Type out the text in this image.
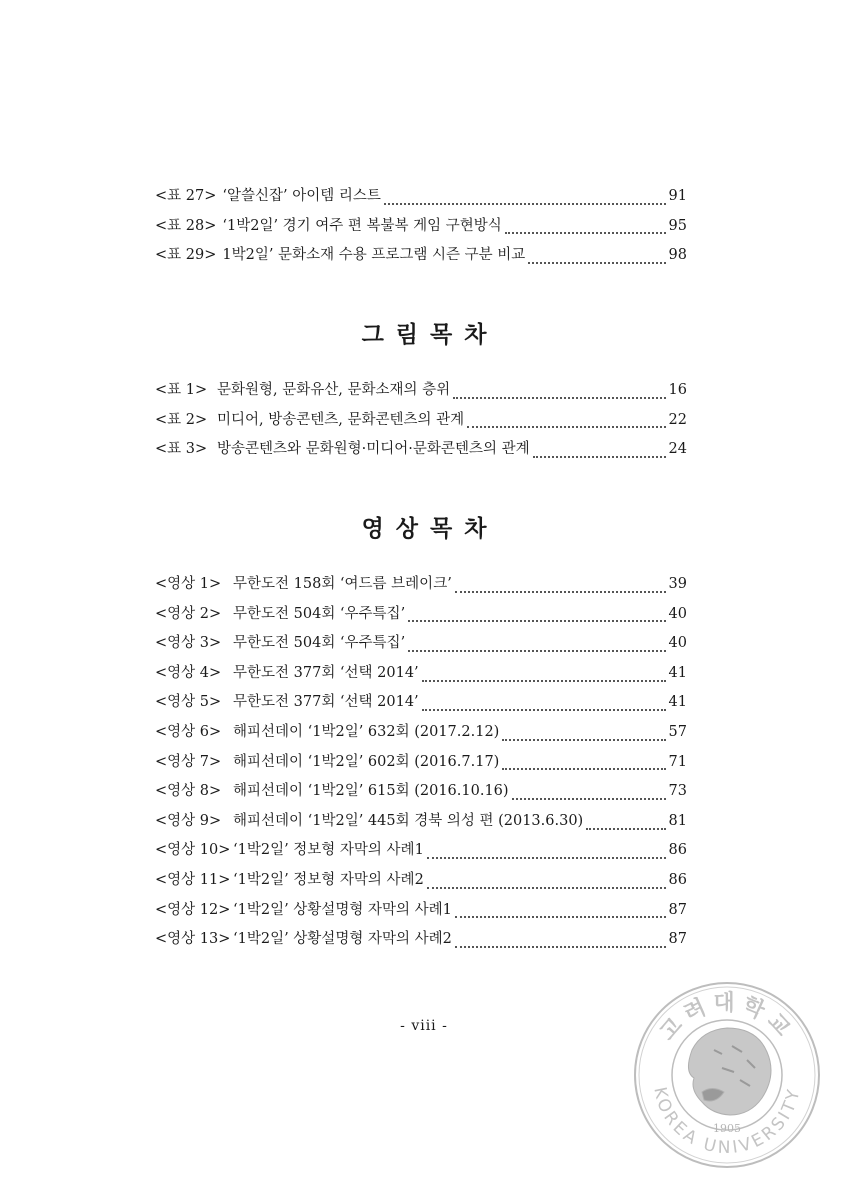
<표 27> ‘알쓸신잡’ 아이템 리스트	91
<표 28> ‘1박2일’ 경기 여주 편 복불복 게임 구현방식	95
<표 29> 1박2일’ 문화소재 수용 프로그램 시즌 구분 비교	98
그림목차
<표 1> 문화원형, 문화유산, 문화소재의 층위	16
<표 2> 미디어, 방송콘텐츠, 문화콘텐츠의 관계	22
<표 3> 방송콘텐츠와 문화원형·미디어·문화콘텐츠의 관계	24
영상목차
<영상 1> 무한도전 158회 ‘여드름 브레이크’	39
<영상 2> 무한도전 504회 ‘우주특집’	40
<영상 3> 무한도전 504회 ‘우주특집’	40
<영상 4> 무한도전 377회 ‘선택 2014’	41
<영상 5> 무한도전 377회 ‘선택 2014’	41
<영상 6> 해피선데이 ‘1박2일’ 632회 (2017.2.12)	57
<영상 7> 해피선데이 ‘1박2일’ 602회 (2016.7.17)	71
<영상 8> 해피선데이 ‘1박2일’ 615회 (2016.10.16)	73
<영상 9> 해피선데이 ‘1박2일’ 445회 경북 의성 편 (2013.6.30)	81
<영상 10> ‘1박2일’ 정보형 자막의 사례1	86
<영상 11> ‘1박2일’ 정보형 자막의 사례2	86
<영상 12> ‘1박2일’ 상황설명형 자막의 사례1	87
<영상 13> ‘1박2일’ 상황설명형 자막의 사례2	87
- viii -	고려대학교
KOREA UNIVERSITY
1905
